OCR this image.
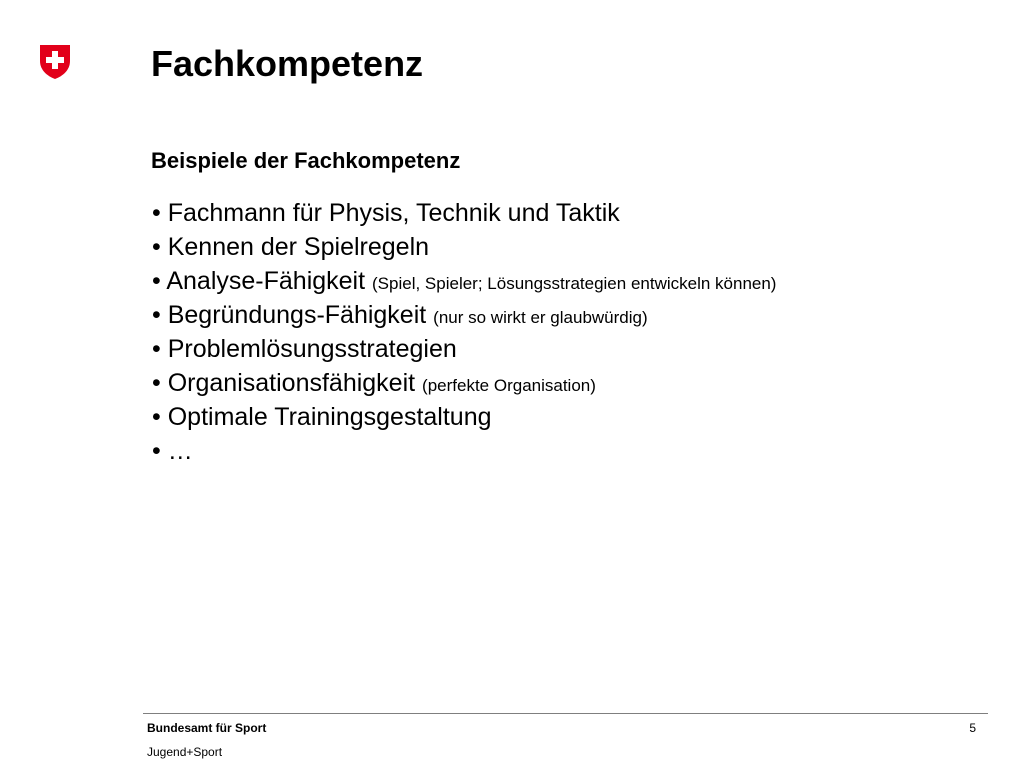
Fachkompetenz
Beispiele der Fachkompetenz
• Fachmann für Physis, Technik und Taktik
• Kennen der Spielregeln
• Analyse-Fähigkeit (Spiel, Spieler; Lösungsstrategien entwickeln können)
• Begründungs-Fähigkeit (nur so wirkt er glaubwürdig)
• Problemlösungsstrategien
• Organisationsfähigkeit (perfekte Organisation)
• Optimale Trainingsgestaltung
• …
Bundesamt für Sport
Jugend+Sport
5
